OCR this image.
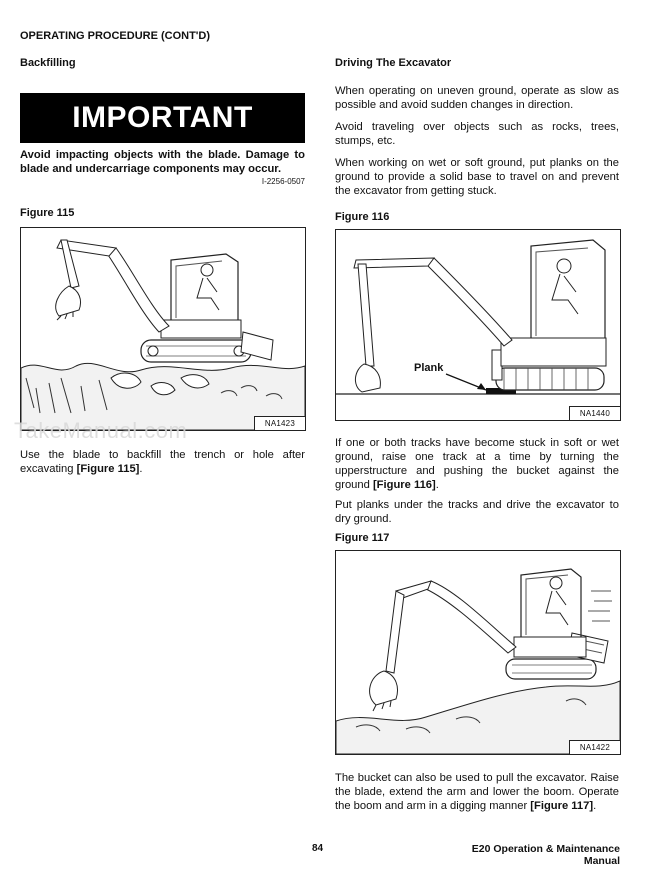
OPERATING PROCEDURE (CONT'D)
Backfilling
IMPORTANT
Avoid impacting objects with the blade. Damage to blade and undercarriage components may occur.
I-2256-0507
Figure 115
NA1423
TakeManual.com
Use the blade to backfill the trench or hole after excavating [Figure 115].
Driving The Excavator
When operating on uneven ground, operate as slow as possible and avoid sudden changes in direction.
Avoid traveling over objects such as rocks, trees, stumps, etc.
When working on wet or soft ground, put planks on the ground to provide a solid base to travel on and prevent the excavator from getting stuck.
Figure 116
Plank
NA1440
If one or both tracks have become stuck in soft or wet ground, raise one track at a time by turning the upperstructure and pushing the bucket against the ground [Figure 116].
Put planks under the tracks and drive the excavator to dry ground.
Figure 117
NA1422
The bucket can also be used to pull the excavator. Raise the blade, extend the arm and lower the boom. Operate the boom and arm in a digging manner [Figure 117].
84	E20 Operation & Maintenance Manual
